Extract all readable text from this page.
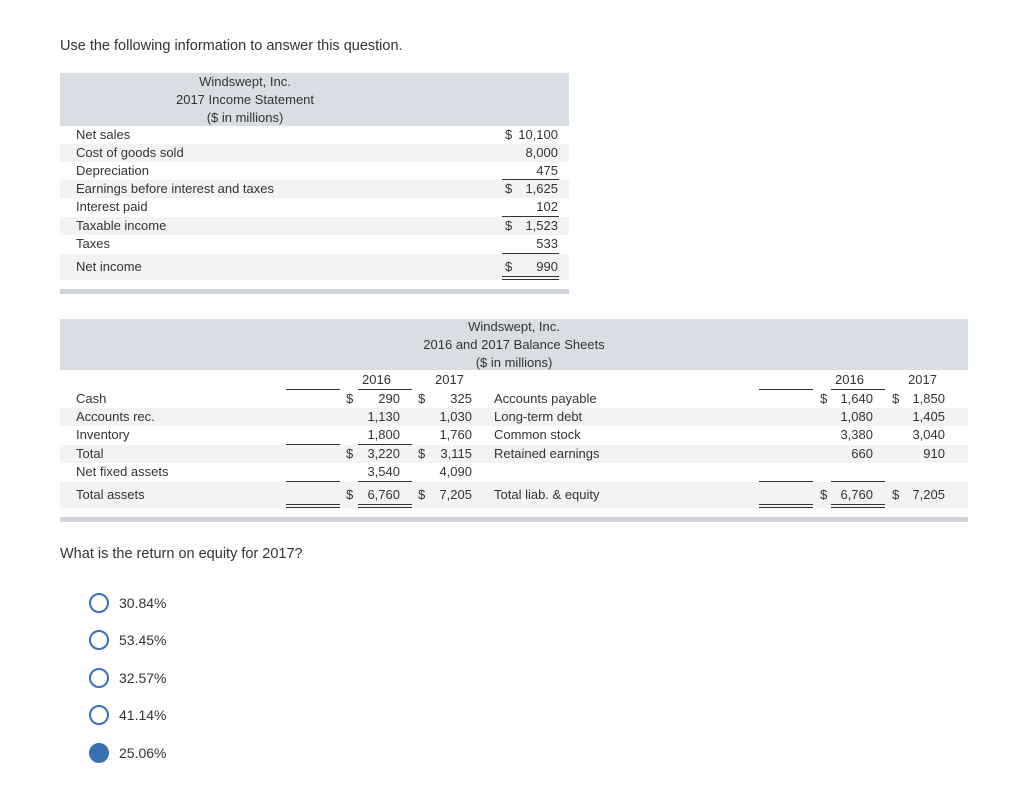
Use the following information to answer this question.
Windswept, Inc.
2017 Income Statement
($ in millions)
Net sales	$ 10,100
Cost of goods sold	8,000
Depreciation	475
Earnings before interest and taxes	$ 1,625
Interest paid	102
Taxable income	$ 1,523
Taxes	533
Net income	$ 990
Windswept, Inc.
2016 and 2017 Balance Sheets
($ in millions)
2016	2017	2016	2017
Cash	$ 290 $ 325 Accounts payable	$ 1,640 $ 1,850
Accounts rec.	1,130	1,030 Long-term debt	1,080	1,405
Inventory	1,800	1,760 Common stock	3,380	3,040
Total	$ 3,220 $ 3,115 Retained earnings	660	910
Net fixed assets	3,540	4,090
Total assets	$ 6,760 $ 7,205 Total liab. & equity	$ 6,760 $ 7,205
What is the return on equity for 2017?
30.84%
53.45%
32.57%
41.14%
25.06%
